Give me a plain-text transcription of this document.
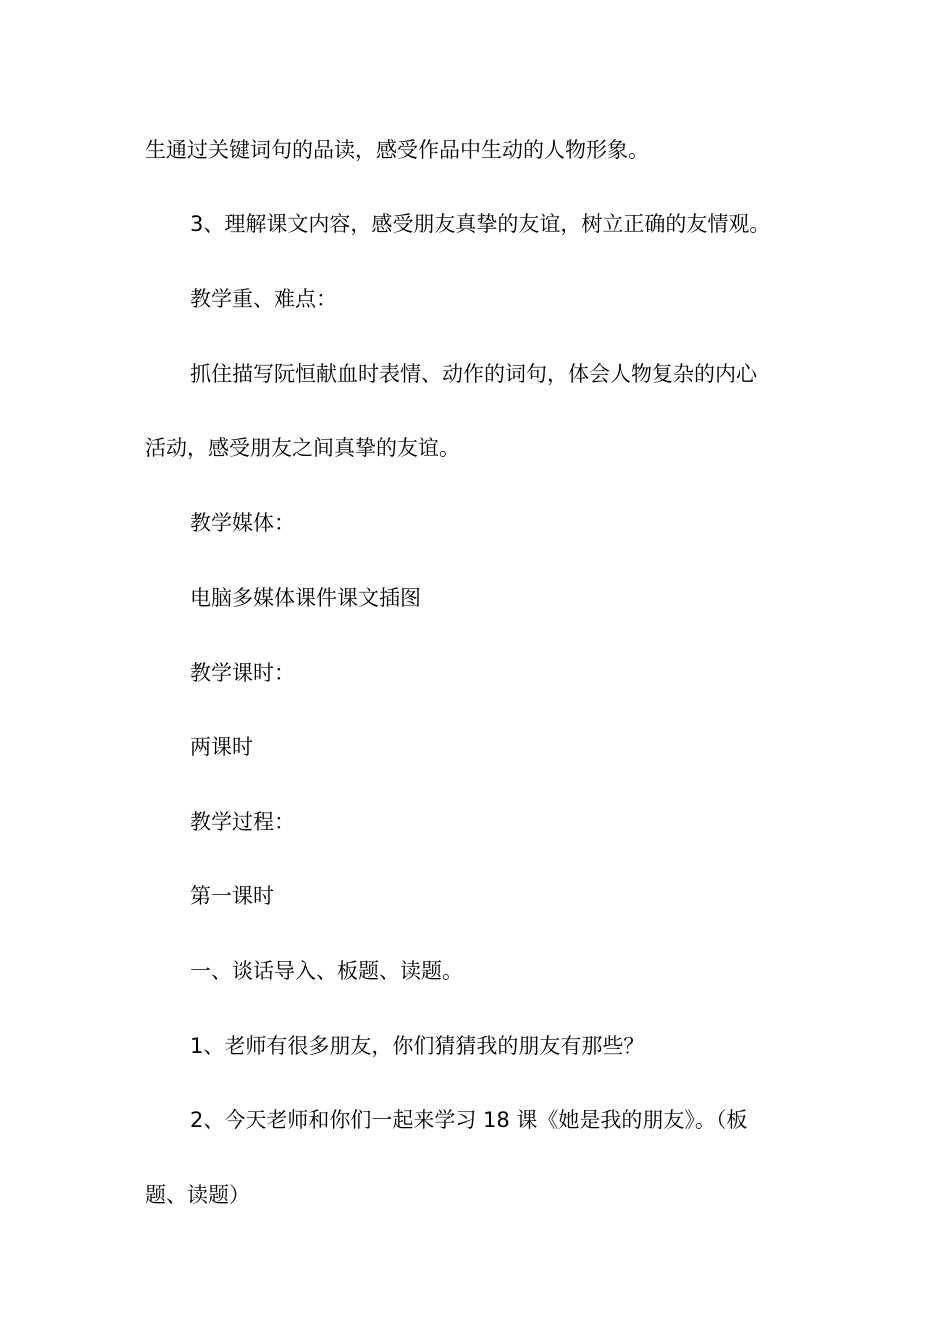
生通过关键词句的品读，感受作品中生动的人物形象。
3、理解课文内容，感受朋友真挚的友谊，树立正确的友情观。
教学重、难点：
抓住描写阮恒献血时表情、动作的词句，体会人物复杂的内心
活动，感受朋友之间真挚的友谊。
教学媒体：
电脑多媒体课件课文插图
教学课时：
两课时
教学过程：
第一课时
一、谈话导入、板题、读题。
1、老师有很多朋友，你们猜猜我的朋友有那些？
2、今天老师和你们一起来学习 18 课《她是我的朋友》。（板
题、读题）
